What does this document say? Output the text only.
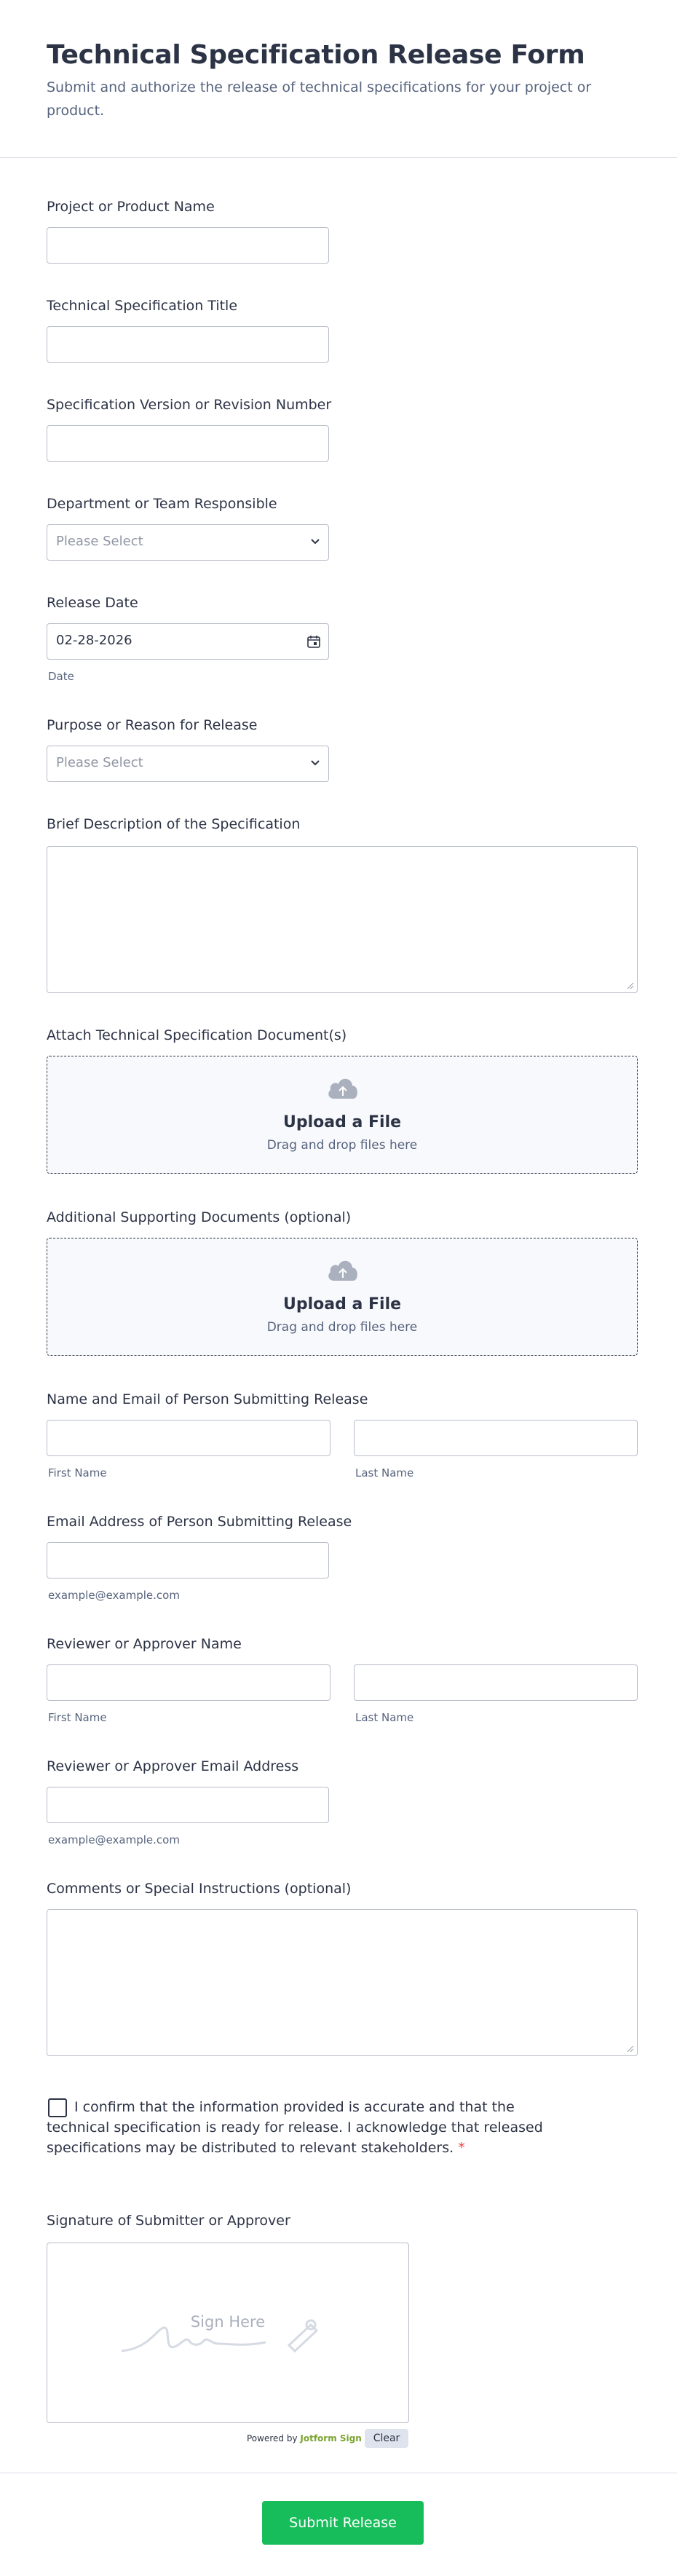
Technical Specification Release Form

Submit and authorize the release of technical specifications for your project or product.

Project or Product Name
Technical Specification Title
Specification Version or Revision Number
Department or Team Responsible
Please Select
Release Date
02-28-2026
Date
Purpose or Reason for Release
Please Select
Brief Description of the Specification
Attach Technical Specification Document(s)
Upload a File
Drag and drop files here
Additional Supporting Documents (optional)
Upload a File
Drag and drop files here
Name and Email of Person Submitting Release
First Name	Last Name
Email Address of Person Submitting Release
example@example.com
Reviewer or Approver Name
First Name	Last Name
Reviewer or Approver Email Address
example@example.com
Comments or Special Instructions (optional)
I confirm that the information provided is accurate and that the technical specification is ready for release. I acknowledge that released specifications may be distributed to relevant stakeholders. *
Signature of Submitter or Approver
Sign Here
Powered by Jotform Sign	Clear
Submit Release
